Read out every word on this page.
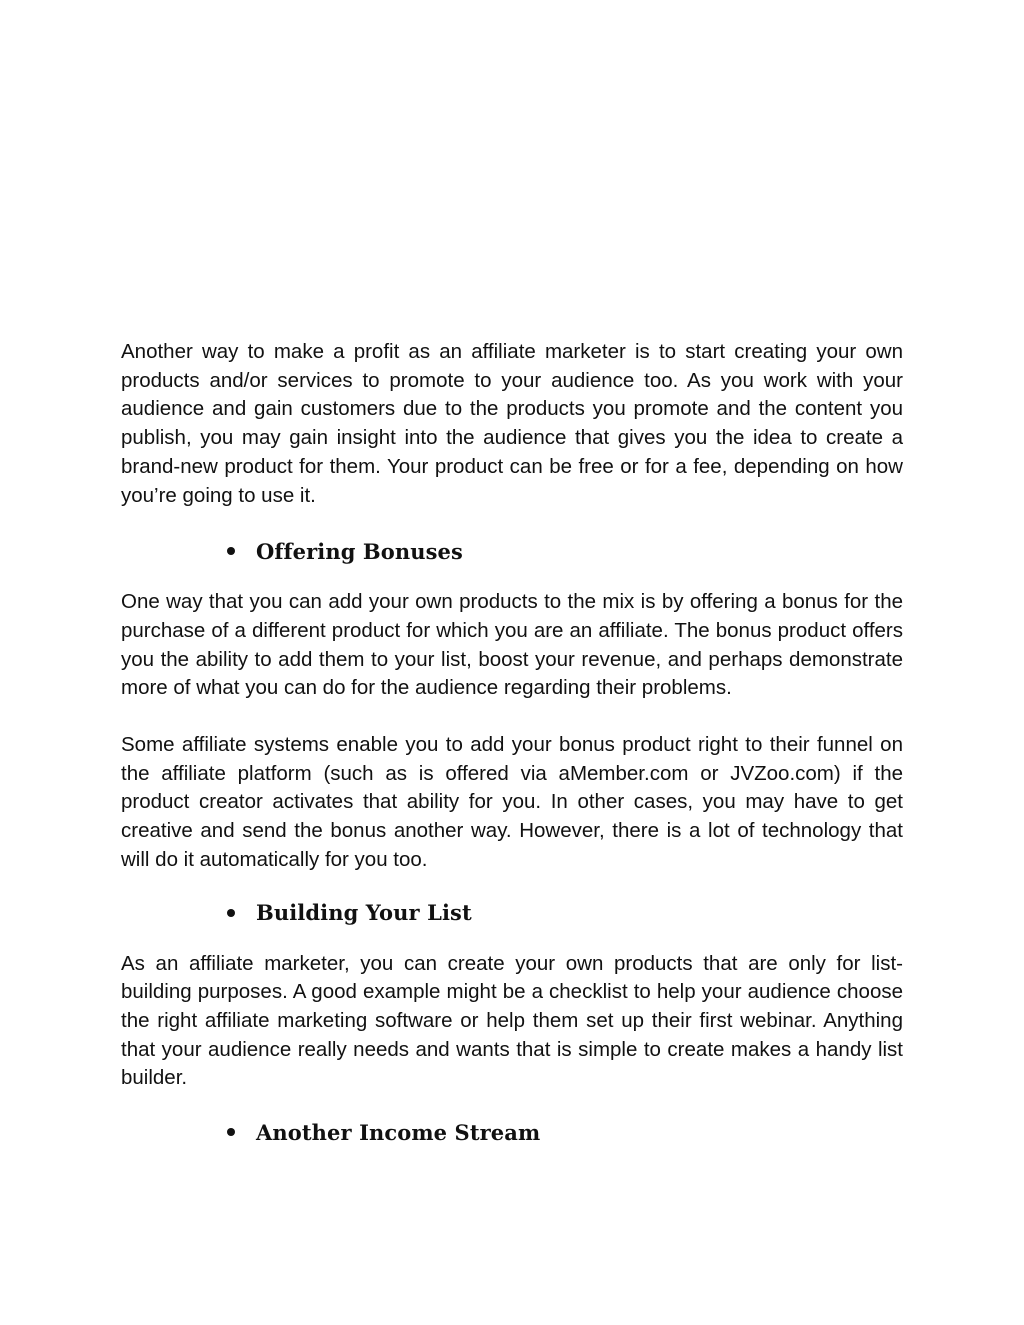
Another way to make a profit as an affiliate marketer is to start creating your own products and/or services to promote to your audience too. As you work with your audience and gain customers due to the products you promote and the content you publish, you may gain insight into the audience that gives you the idea to create a brand-new product for them. Your product can be free or for a fee, depending on how you’re going to use it.

Offering Bonuses

One way that you can add your own products to the mix is by offering a bonus for the purchase of a different product for which you are an affiliate. The bonus product offers you the ability to add them to your list, boost your revenue, and perhaps demonstrate more of what you can do for the audience regarding their problems.

Some affiliate systems enable you to add your bonus product right to their funnel on the affiliate platform (such as is offered via aMember.com or JVZoo.com) if the product creator activates that ability for you. In other cases, you may have to get creative and send the bonus another way. However, there is a lot of technology that will do it automatically for you too.

Building Your List

As an affiliate marketer, you can create your own products that are only for list-building purposes. A good example might be a checklist to help your audience choose the right affiliate marketing software or help them set up their first webinar. Anything that your audience really needs and wants that is simple to create makes a handy list builder.

Another Income Stream
